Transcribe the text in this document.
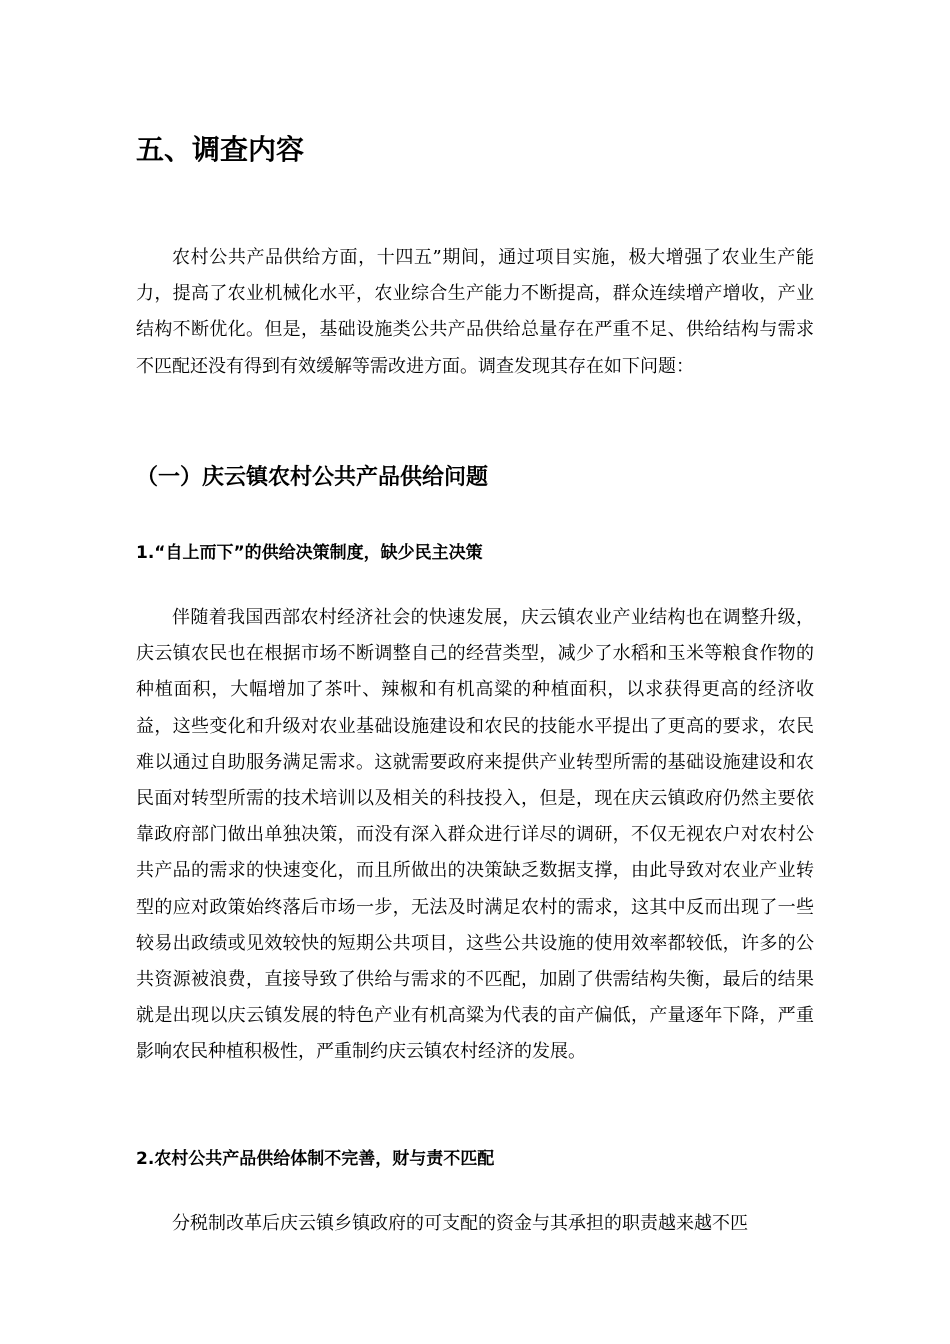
五、调查内容

农村公共产品供给方面，十四五”期间，通过项目实施，极大增强了农业生产能力，提高了农业机械化水平，农业综合生产能力不断提高，群众连续增产增收，产业结构不断优化。但是，基础设施类公共产品供给总量存在严重不足、供给结构与需求不匹配还没有得到有效缓解等需改进方面。调查发现其存在如下问题：

（一）庆云镇农村公共产品供给问题
1.“自上而下”的供给决策制度，缺少民主决策

伴随着我国西部农村经济社会的快速发展，庆云镇农业产业结构也在调整升级，庆云镇农民也在根据市场不断调整自己的经营类型，减少了水稻和玉米等粮食作物的种植面积，大幅增加了茶叶、辣椒和有机高粱的种植面积，以求获得更高的经济收益，这些变化和升级对农业基础设施建设和农民的技能水平提出了更高的要求，农民难以通过自助服务满足需求。这就需要政府来提供产业转型所需的基础设施建设和农民面对转型所需的技术培训以及相关的科技投入，但是，现在庆云镇政府仍然主要依靠政府部门做出单独决策，而没有深入群众进行详尽的调研，不仅无视农户对农村公共产品的需求的快速变化，而且所做出的决策缺乏数据支撑，由此导致对农业产业转型的应对政策始终落后市场一步，无法及时满足农村的需求，这其中反而出现了一些较易出政绩或见效较快的短期公共项目，这些公共设施的使用效率都较低，许多的公共资源被浪费，直接导致了供给与需求的不匹配，加剧了供需结构失衡，最后的结果就是出现以庆云镇发展的特色产业有机高粱为代表的亩产偏低，产量逐年下降，严重影响农民种植积极性，严重制约庆云镇农村经济的发展。

2.农村公共产品供给体制不完善，财与责不匹配

分税制改革后庆云镇乡镇政府的可支配的资金与其承担的职责越来越不匹
